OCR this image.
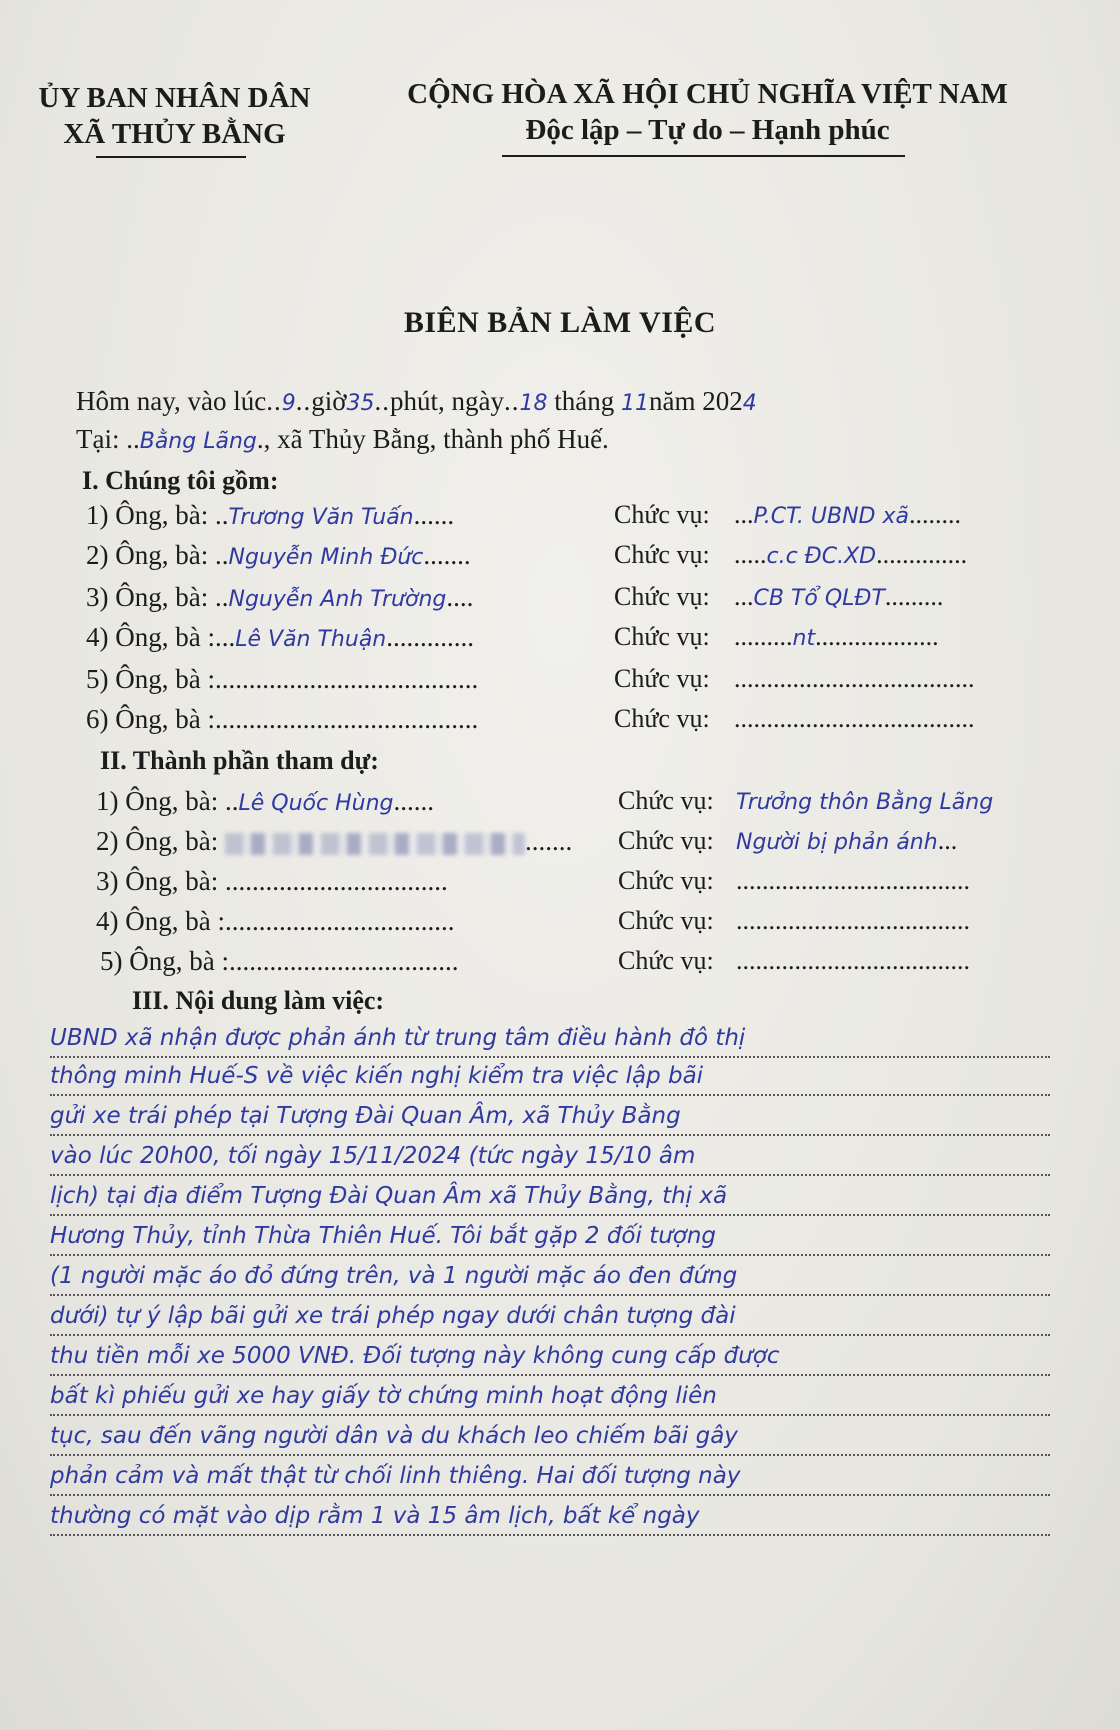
ỦY BAN NHÂN DÂN
XÃ THỦY BẰNG
CỘNG HÒA XÃ HỘI CHỦ NGHĨA VIỆT NAM
Độc lập – Tự do – Hạnh phúc
BIÊN BẢN LÀM VIỆC
Hôm nay, vào lúc..9..giờ35..phút, ngày..18 tháng 11năm 2024
Tại: ..Bằng Lãng., xã Thủy Bằng, thành phố Huế.
I. Chúng tôi gồm:
1) Ông, bà: ..Trương Văn Tuấn......	Chức vụ: ...P.CT. UBND xã........
2) Ông, bà: ..Nguyễn Minh Đức.......	Chức vụ: .....c.c ĐC.XD..............
3) Ông, bà: ..Nguyễn Anh Trường....	Chức vụ: ...CB Tổ QLĐT.........
4) Ông, bà :...Lê Văn Thuận.............	Chức vụ: .........nt...................
5) Ông, bà :.......................................	Chức vụ: .....................................
6) Ông, bà :.......................................	Chức vụ: .....................................
II. Thành phần tham dự:
1) Ông, bà: ..Lê Quốc Hùng......	Chức vụ: Trưởng thôn Bằng Lãng
2) Ông, bà:	....... Chức vụ: Người bị phản ánh...
3) Ông, bà: .................................	Chức vụ: ....................................
4) Ông, bà :..................................	Chức vụ: ....................................
5) Ông, bà :..................................	Chức vụ: ....................................
III. Nội dung làm việc:
UBND xã nhận được phản ánh từ trung tâm điều hành đô thị
thông minh Huế-S về việc kiến nghị kiểm tra việc lập bãi
gửi xe trái phép tại Tượng Đài Quan Âm, xã Thủy Bằng
vào lúc 20h00, tối ngày 15/11/2024 (tức ngày 15/10 âm
lịch) tại địa điểm Tượng Đài Quan Âm xã Thủy Bằng, thị xã
Hương Thủy, tỉnh Thừa Thiên Huế. Tôi bắt gặp 2 đối tượng
(1 người mặc áo đỏ đứng trên, và 1 người mặc áo đen đứng
dưới) tự ý lập bãi gửi xe trái phép ngay dưới chân tượng đài
thu tiền mỗi xe 5000 VNĐ. Đối tượng này không cung cấp được
bất kì phiếu gửi xe hay giấy tờ chứng minh hoạt động liên
tục, sau đến vãng người dân và du khách leo chiếm bãi gây
phản cảm và mất thật từ chối linh thiêng. Hai đối tượng này
thường có mặt vào dịp rằm 1 và 15 âm lịch, bất kể ngày
